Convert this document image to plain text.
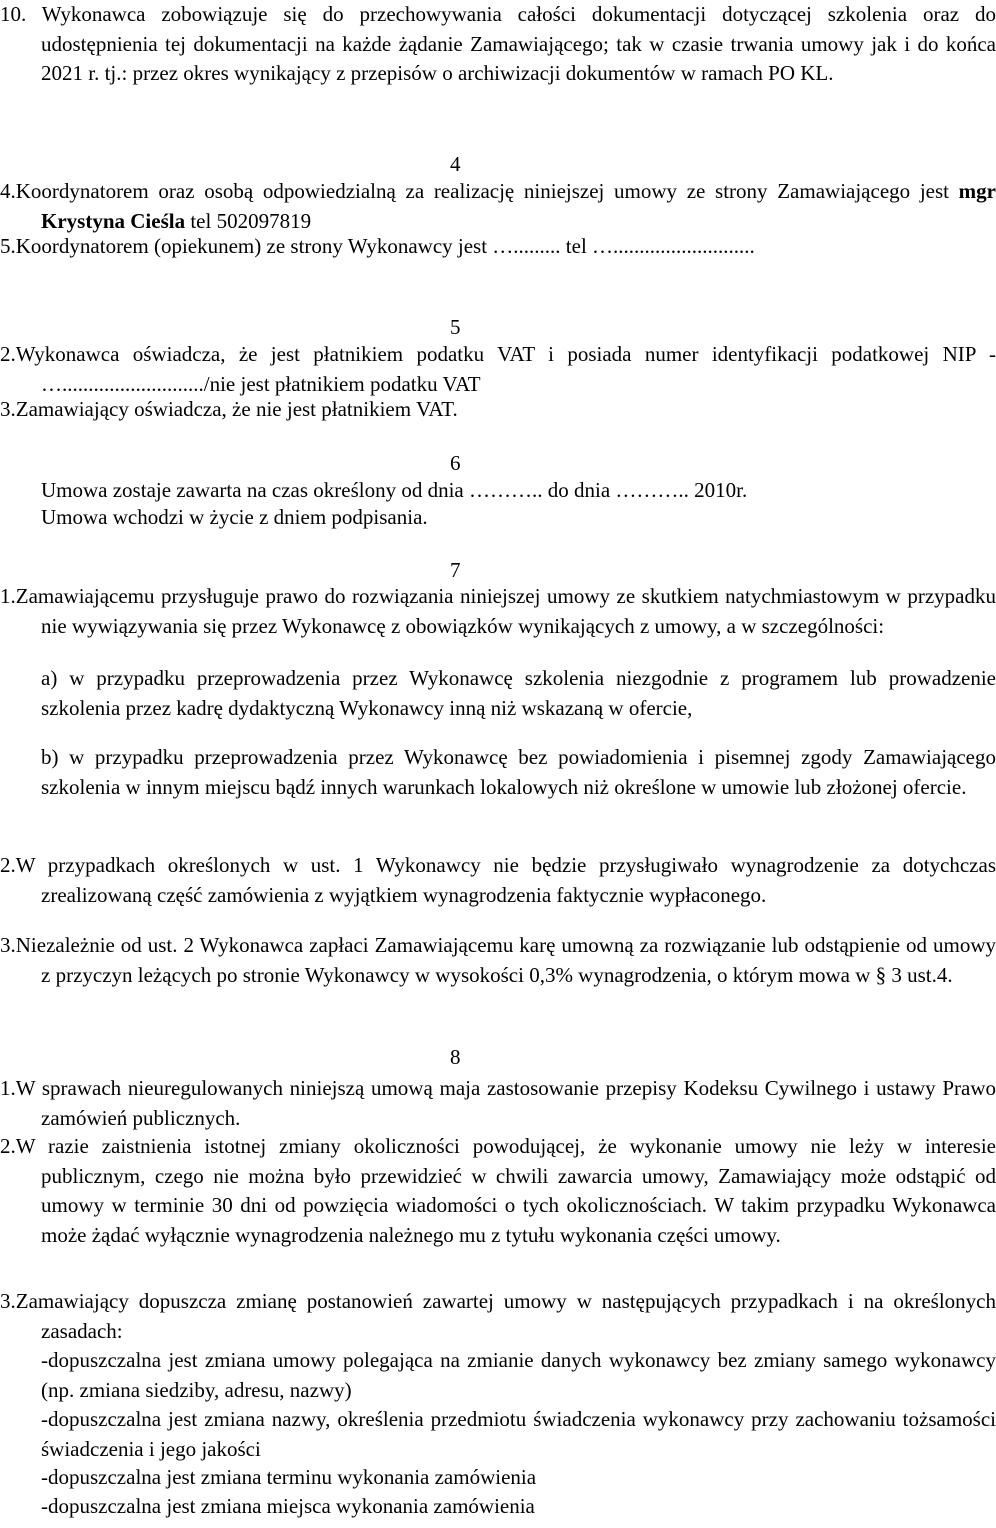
10. Wykonawca zobowiązuje się do przechowywania całości dokumentacji dotyczącej szkolenia oraz do udostępnienia tej dokumentacji na każde żądanie Zamawiającego; tak w czasie trwania umowy jak i do końca 2021 r. tj.: przez okres wynikający z przepisów o archiwizacji dokumentów w ramach PO KL.

4

4.Koordynatorem oraz osobą odpowiedzialną za realizację niniejszej umowy ze strony Zamawiającego jest mgr Krystyna Cieśla tel 502097819

5.Koordynatorem (opiekunem) ze strony Wykonawcy jest …......... tel …...........................

5

2.Wykonawca oświadcza, że jest płatnikiem podatku VAT i posiada numer identyfikacji podatkowej NIP - ….........................../nie jest płatnikiem podatku VAT

3.Zamawiający oświadcza, że nie jest płatnikiem VAT.

6

Umowa zostaje zawarta na czas określony od dnia ……….. do dnia ……….. 2010r.

Umowa wchodzi w życie z dniem podpisania.

7

1.Zamawiającemu przysługuje prawo do rozwiązania niniejszej umowy ze skutkiem natychmiastowym w przypadku nie wywiązywania się przez Wykonawcę z obowiązków wynikających z umowy, a w szczególności:

a) w przypadku przeprowadzenia przez Wykonawcę szkolenia niezgodnie z programem lub prowadzenie szkolenia przez kadrę dydaktyczną Wykonawcy inną niż wskazaną w ofercie,

b) w przypadku przeprowadzenia przez Wykonawcę bez powiadomienia i pisemnej zgody Zamawiającego szkolenia w innym miejscu bądź innych warunkach lokalowych niż określone w umowie lub złożonej ofercie.

2.W przypadkach określonych w ust. 1 Wykonawcy nie będzie przysługiwało wynagrodzenie za dotychczas zrealizowaną część zamówienia z wyjątkiem wynagrodzenia faktycznie wypłaconego.

3.Niezależnie od ust. 2 Wykonawca zapłaci Zamawiającemu karę umowną za rozwiązanie lub odstąpienie od umowy z przyczyn leżących po stronie Wykonawcy w wysokości 0,3% wynagrodzenia, o którym mowa w § 3 ust.4.

8

1.W sprawach nieuregulowanych niniejszą umową maja zastosowanie przepisy Kodeksu Cywilnego i ustawy Prawo zamówień publicznych.

2.W razie zaistnienia istotnej zmiany okoliczności powodującej, że wykonanie umowy nie leży w interesie publicznym, czego nie można było przewidzieć w chwili zawarcia umowy, Zamawiający może odstąpić od umowy w terminie 30 dni od powzięcia wiadomości o tych okolicznościach. W takim przypadku Wykonawca może żądać wyłącznie wynagrodzenia należnego mu z tytułu wykonania części umowy.

3.Zamawiający dopuszcza zmianę postanowień zawartej umowy w następujących przypadkach i na określonych zasadach:

-dopuszczalna jest zmiana umowy polegająca na zmianie danych wykonawcy bez zmiany samego wykonawcy (np. zmiana siedziby, adresu, nazwy)

-dopuszczalna jest zmiana nazwy, określenia przedmiotu świadczenia wykonawcy przy zachowaniu tożsamości świadczenia i jego jakości

-dopuszczalna jest zmiana terminu wykonania zamówienia

-dopuszczalna jest zmiana miejsca wykonania zamówienia
